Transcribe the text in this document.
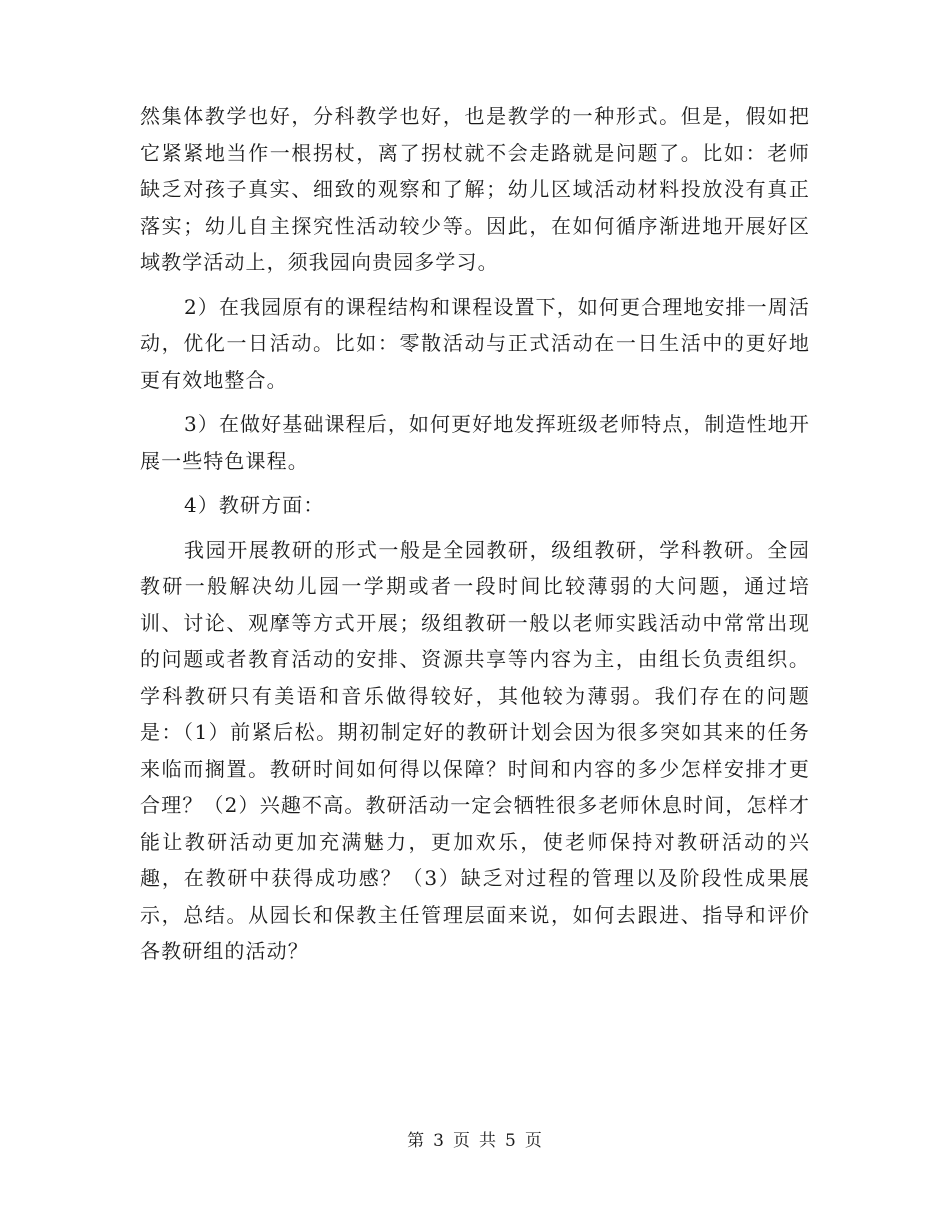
然集体教学也好，分科教学也好，也是教学的一种形式。但是，假如把它紧紧地当作一根拐杖，离了拐杖就不会走路就是问题了。比如：老师缺乏对孩子真实、细致的观察和了解；幼儿区域活动材料投放没有真正落实；幼儿自主探究性活动较少等。因此，在如何循序渐进地开展好区域教学活动上，须我园向贵园多学习。

2）在我园原有的课程结构和课程设置下，如何更合理地安排一周活动，优化一日活动。比如：零散活动与正式活动在一日生活中的更好地更有效地整合。

3）在做好基础课程后，如何更好地发挥班级老师特点，制造性地开展一些特色课程。

4）教研方面：

我园开展教研的形式一般是全园教研，级组教研，学科教研。全园教研一般解决幼儿园一学期或者一段时间比较薄弱的大问题，通过培训、讨论、观摩等方式开展；级组教研一般以老师实践活动中常常出现的问题或者教育活动的安排、资源共享等内容为主，由组长负责组织。学科教研只有美语和音乐做得较好，其他较为薄弱。我们存在的问题是：（1）前紧后松。期初制定好的教研计划会因为很多突如其来的任务来临而搁置。教研时间如何得以保障？时间和内容的多少怎样安排才更合理？（2）兴趣不高。教研活动一定会牺牲很多老师休息时间，怎样才能让教研活动更加充满魅力，更加欢乐，使老师保持对教研活动的兴趣，在教研中获得成功感？（3）缺乏对过程的管理以及阶段性成果展示，总结。从园长和保教主任管理层面来说，如何去跟进、指导和评价各教研组的活动？

第 3 页 共 5 页
